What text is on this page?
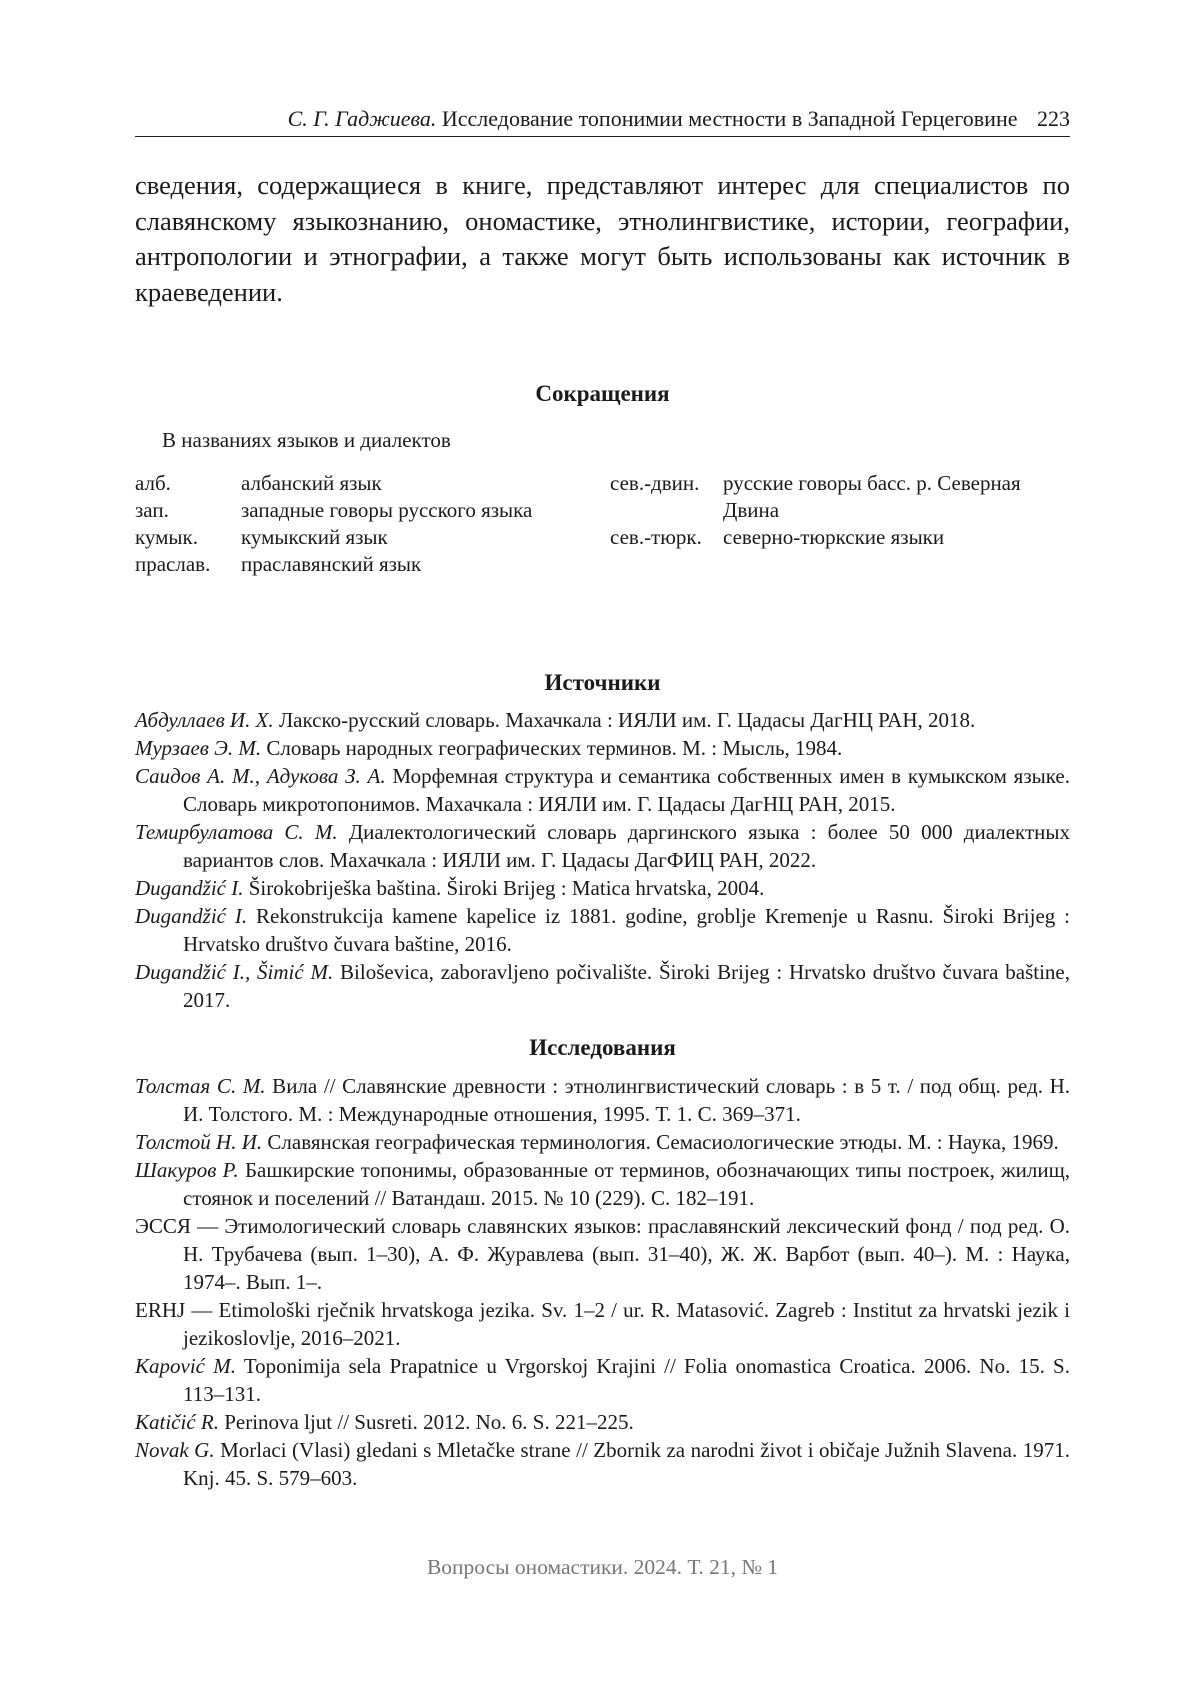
С. Г. Гаджиева. Исследование топонимии местности в Западной Герцеговине 223

сведения, содержащиеся в книге, представляют интерес для специалистов по славянскому языкознанию, ономастике, этнолингвистике, истории, географии, антропологии и этнографии, а также могут быть использованы как источник в краеведении.

Сокращения

В названиях языков и диалектов

алб.	албанский язык
зап.	западные говоры русского языка
кумык. кумыкский язык
праслав. праславянский язык
сев.-двин. русские говоры басс. р. Северная Двина
сев.-тюрк. северно-тюркские языки
Источники
Абдуллаев И. Х. Лакско-русский словарь. Махачкала : ИЯЛИ им. Г. Цадасы ДагНЦ РАН, 2018.
Мурзаев Э. М. Словарь народных географических терминов. М. : Мысль, 1984.
Саидов А. М., Адукова З. А. Морфемная структура и семантика собственных имен в кумыкском языке. Словарь микротопонимов. Махачкала : ИЯЛИ им. Г. Цадасы ДагНЦ РАН, 2015.
Темирбулатова С. М. Диалектологический словарь даргинского языка : более 50 000 диалектных вариантов слов. Махачкала : ИЯЛИ им. Г. Цадасы ДагФИЦ РАН, 2022.
Dugandžić I. Širokobriješka baština. Široki Brijeg : Matica hrvatska, 2004.
Dugandžić I. Rekonstrukcija kamene kapelice iz 1881. godine, groblje Kremenje u Rasnu. Široki Brijeg : Hrvatsko društvo čuvara baštine, 2016.
Dugandžić I., Šimić M. Biloševica, zaboravljeno počivalište. Široki Brijeg : Hrvatsko društvo čuvara baštine, 2017.
Исследования
Толстая С. М. Вила // Славянские древности : этнолингвистический словарь : в 5 т. / под общ. ред. Н. И. Толстого. М. : Международные отношения, 1995. Т. 1. С. 369–371.
Толстой Н. И. Славянская географическая терминология. Семасиологические этюды. М. : Наука, 1969.
Шакуров Р. Башкирские топонимы, образованные от терминов, обозначающих типы построек, жилищ, стоянок и поселений // Ватандаш. 2015. № 10 (229). С. 182–191.
ЭССЯ — Этимологический словарь славянских языков: праславянский лексический фонд / под ред. О. Н. Трубачева (вып. 1–30), А. Ф. Журавлева (вып. 31–40), Ж. Ж. Варбот (вып. 40–). М. : Наука, 1974–. Вып. 1–.
ERHJ — Etimološki rječnik hrvatskoga jezika. Sv. 1–2 / ur. R. Matasović. Zagreb : Institut za hrvatski jezik i jezikoslovlje, 2016–2021.
Kapović M. Toponimija sela Prapatnice u Vrgorskoj Krajini // Folia onomastica Croatica. 2006. No. 15. S. 113–131.
Katičić R. Perinova ljut // Susreti. 2012. No. 6. S. 221–225.
Novak G. Morlaci (Vlasi) gledani s Mletačke strane // Zbornik za narodni život i običaje Južnih Slavena. 1971. Knj. 45. S. 579–603.
Вопросы ономастики. 2024. Т. 21, № 1
